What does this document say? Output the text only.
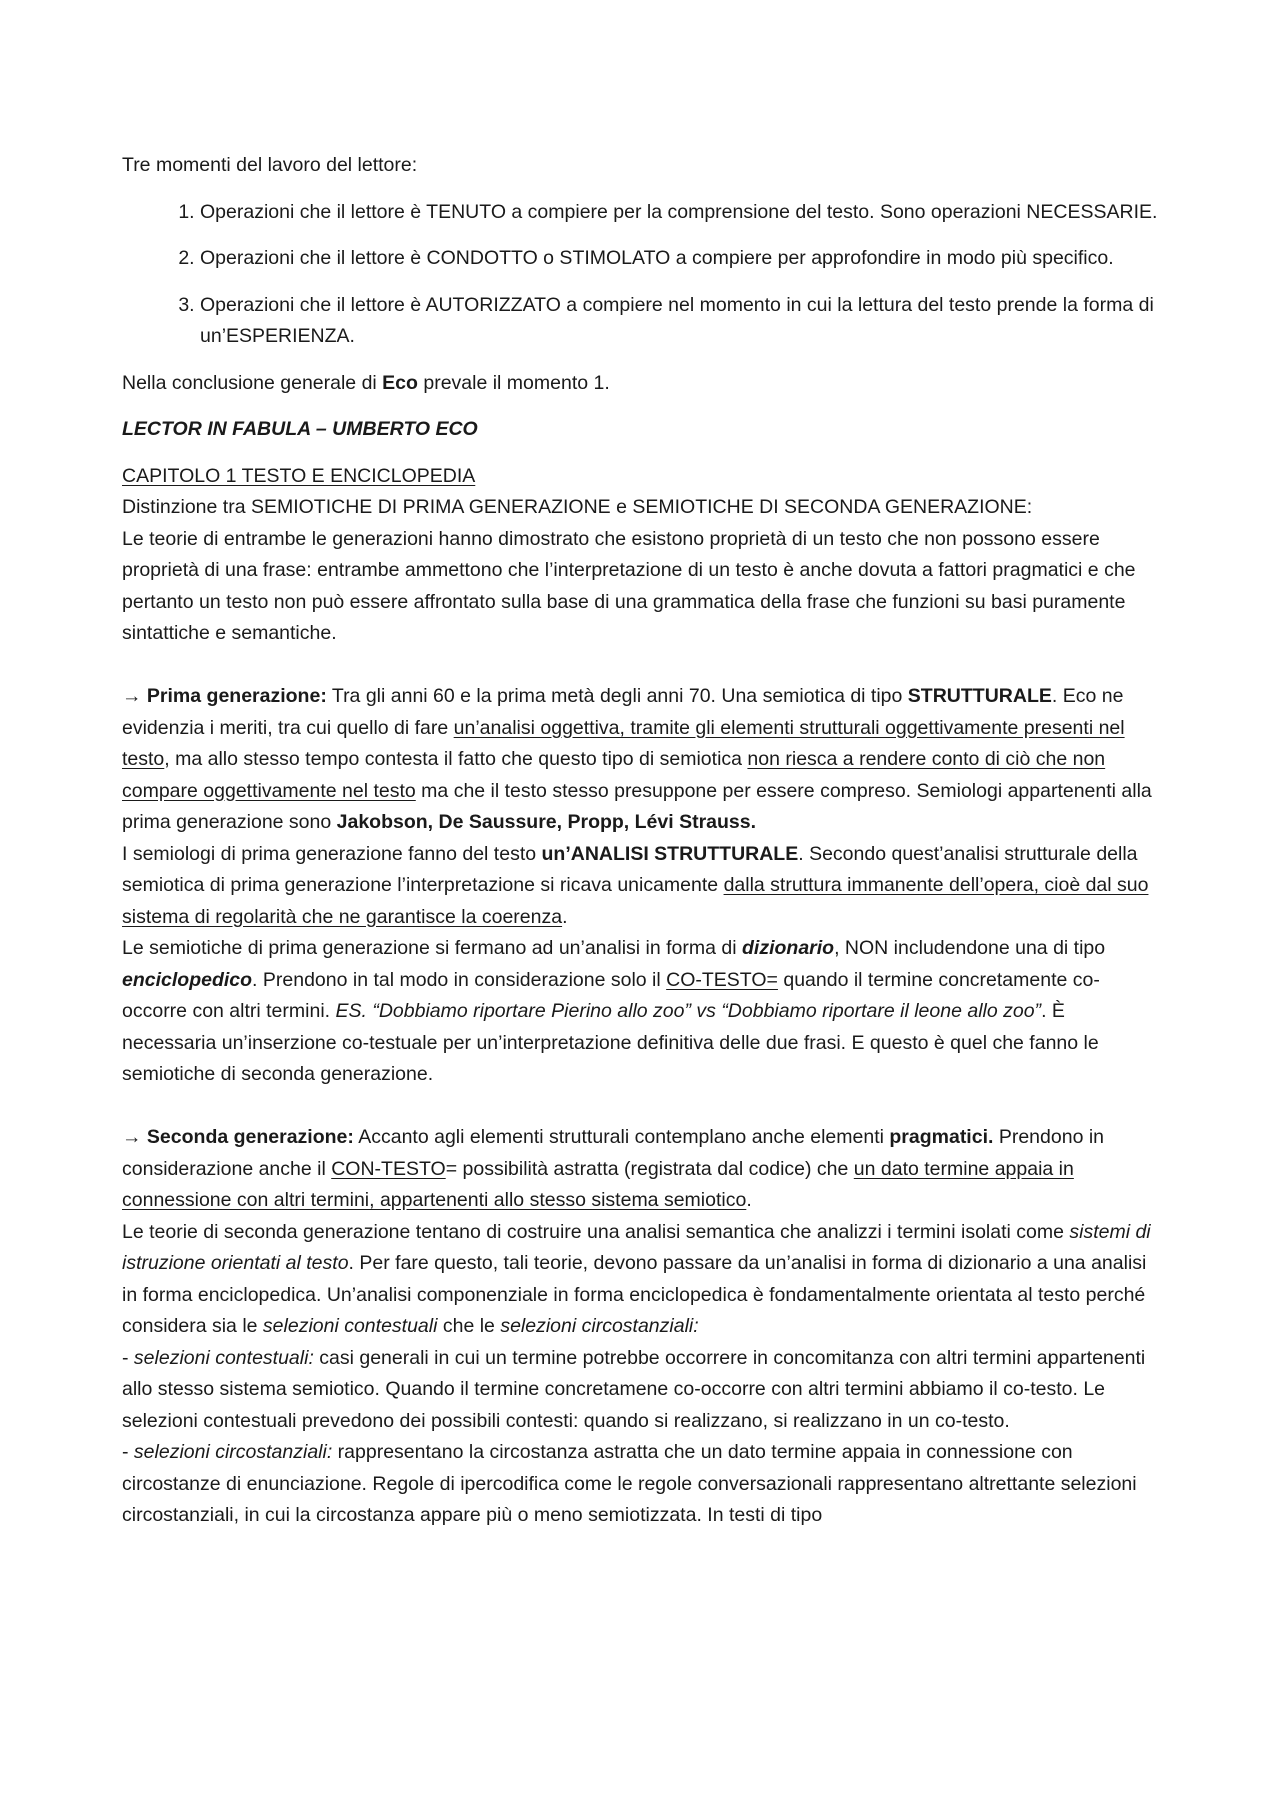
Tre momenti del lavoro del lettore:

1. Operazioni che il lettore è TENUTO a compiere per la comprensione del testo. Sono operazioni NECESSARIE.
2. Operazioni che il lettore è CONDOTTO o STIMOLATO a compiere per approfondire in modo più specifico.
3. Operazioni che il lettore è AUTORIZZATO a compiere nel momento in cui la lettura del testo prende la forma di un’ESPERIENZA.

Nella conclusione generale di Eco prevale il momento 1.

LECTOR IN FABULA – UMBERTO ECO

CAPITOLO 1 TESTO E ENCICLOPEDIA

Distinzione tra SEMIOTICHE DI PRIMA GENERAZIONE e SEMIOTICHE DI SECONDA GENERAZIONE:

Le teorie di entrambe le generazioni hanno dimostrato che esistono proprietà di un testo che non possono essere proprietà di una frase: entrambe ammettono che l’interpretazione di un testo è anche dovuta a fattori pragmatici e che pertanto un testo non può essere affrontato sulla base di una grammatica della frase che funzioni su basi puramente sintattiche e semantiche.

→ Prima generazione: Tra gli anni 60 e la prima metà degli anni 70. Una semiotica di tipo STRUTTURALE. Eco ne evidenzia i meriti, tra cui quello di fare un’analisi oggettiva, tramite gli elementi strutturali oggettivamente presenti nel testo, ma allo stesso tempo contesta il fatto che questo tipo di semiotica non riesca a rendere conto di ciò che non compare oggettivamente nel testo ma che il testo stesso presuppone per essere compreso. Semiologi appartenenti alla prima generazione sono Jakobson, De Saussure, Propp, Lévi Strauss.

I semiologi di prima generazione fanno del testo un’ANALISI STRUTTURALE. Secondo quest’analisi strutturale della semiotica di prima generazione l’interpretazione si ricava unicamente dalla struttura immanente dell’opera, cioè dal suo sistema di regolarità che ne garantisce la coerenza.

Le semiotiche di prima generazione si fermano ad un’analisi in forma di dizionario, NON includendone una di tipo enciclopedico. Prendono in tal modo in considerazione solo il CO-TESTO= quando il termine concretamente co-occorre con altri termini. ES. “Dobbiamo riportare Pierino allo zoo” vs “Dobbiamo riportare il leone allo zoo”. È necessaria un’inserzione co-testuale per un’interpretazione definitiva delle due frasi. E questo è quel che fanno le semiotiche di seconda generazione.

→ Seconda generazione: Accanto agli elementi strutturali contemplano anche elementi pragmatici. Prendono in considerazione anche il CON-TESTO= possibilità astratta (registrata dal codice) che un dato termine appaia in connessione con altri termini, appartenenti allo stesso sistema semiotico.

Le teorie di seconda generazione tentano di costruire una analisi semantica che analizzi i termini isolati come sistemi di istruzione orientati al testo. Per fare questo, tali teorie, devono passare da un’analisi in forma di dizionario a una analisi in forma enciclopedica. Un’analisi componenziale in forma enciclopedica è fondamentalmente orientata al testo perché considera sia le selezioni contestuali che le selezioni circostanziali:

- selezioni contestuali: casi generali in cui un termine potrebbe occorrere in concomitanza con altri termini appartenenti allo stesso sistema semiotico. Quando il termine concretamene co-occorre con altri termini abbiamo il co-testo. Le selezioni contestuali prevedono dei possibili contesti: quando si realizzano, si realizzano in un co-testo.

- selezioni circostanziali: rappresentano la circostanza astratta che un dato termine appaia in connessione con circostanze di enunciazione. Regole di ipercodifica come le regole conversazionali rappresentano altrettante selezioni circostanziali, in cui la circostanza appare più o meno semiotizzata. In testi di tipo
